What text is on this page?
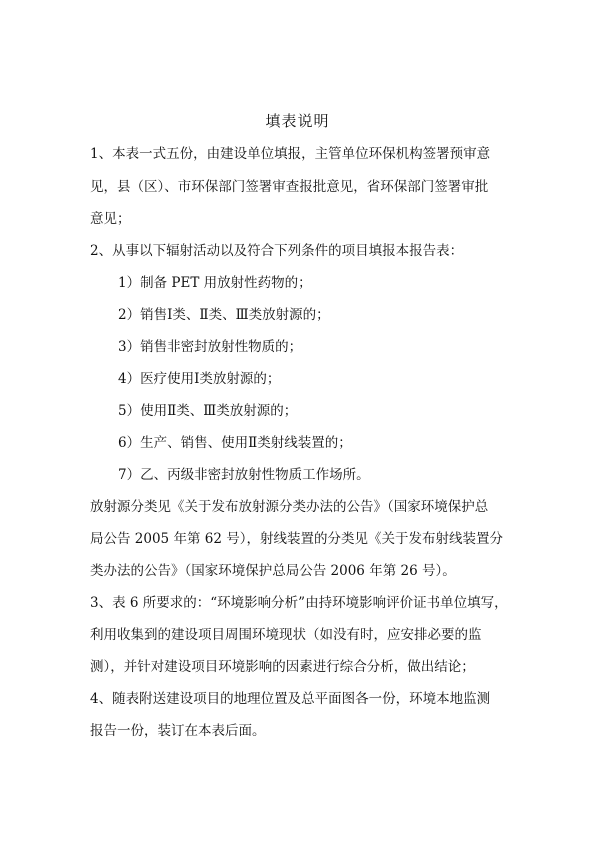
填表说明
1、本表一式五份，由建设单位填报，主管单位环保机构签署预审意
见，县（区）、市环保部门签署审查报批意见，省环保部门签署审批
意见；
2、从事以下辐射活动以及符合下列条件的项目填报本报告表：
1）制备 PET 用放射性药物的；
2）销售Ⅰ类、Ⅱ类、Ⅲ类放射源的；
3）销售非密封放射性物质的；
4）医疗使用Ⅰ类放射源的；
5）使用Ⅱ类、Ⅲ类放射源的；
6）生产、销售、使用Ⅱ类射线装置的；
7）乙、丙级非密封放射性物质工作场所。
放射源分类见《关于发布放射源分类办法的公告》（国家环境保护总
局公告 2005 年第 62 号），射线装置的分类见《关于发布射线装置分
类办法的公告》（国家环境保护总局公告 2006 年第 26 号）。
3、表 6 所要求的：“环境影响分析”由持环境影响评价证书单位填写，
利用收集到的建设项目周围环境现状（如没有时，应安排必要的监
测），并针对建设项目环境影响的因素进行综合分析，做出结论；
4、随表附送建设项目的地理位置及总平面图各一份，环境本地监测
报告一份，装订在本表后面。
